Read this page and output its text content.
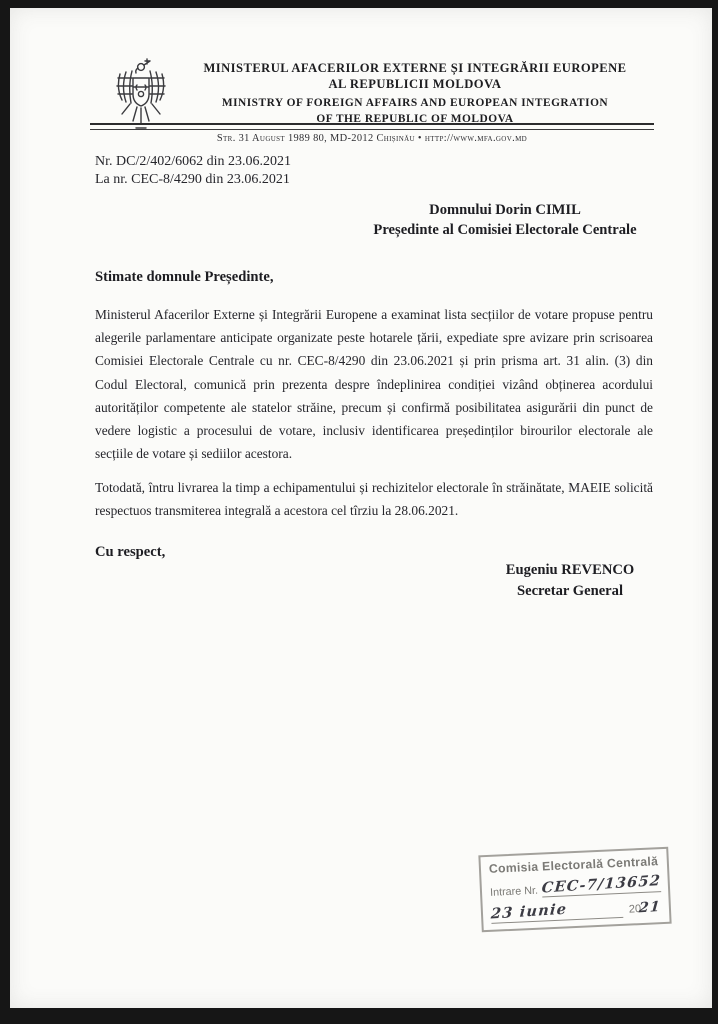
MINISTERUL AFACERILOR EXTERNE ȘI INTEGRĂRII EUROPENE
AL REPUBLICII MOLDOVA
MINISTRY OF FOREIGN AFFAIRS AND EUROPEAN INTEGRATION
OF THE REPUBLIC OF MOLDOVA
Str. 31 August 1989 80, MD-2012 Chișinău • http://www.mfa.gov.md
Nr. DC/2/402/6062 din 23.06.2021
La nr. CEC-8/4290 din 23.06.2021
Domnului Dorin CIMIL
Președinte al Comisiei Electorale Centrale
Stimate domnule Președinte,
Ministerul Afacerilor Externe și Integrării Europene a examinat lista secțiilor de votare propuse pentru alegerile parlamentare anticipate organizate peste hotarele țării, expediate spre avizare prin scrisoarea Comisiei Electorale Centrale cu nr. CEC-8/4290 din 23.06.2021 și prin prisma art. 31 alin. (3) din Codul Electoral, comunică prin prezenta despre îndeplinirea condiției vizând obținerea acordului autorităților competente ale statelor străine, precum și confirmă posibilitatea asigurării din punct de vedere logistic a procesului de votare, inclusiv identificarea președinților birourilor electorale ale secțiile de votare și sediilor acestora.
Totodată, întru livrarea la timp a echipamentului și rechizitelor electorale în străinătate, MAEIE solicită respectuos transmiterea integrală a acestora cel tîrziu la 28.06.2021.
Cu respect,
Eugeniu REVENCO
Secretar General
Comisia Electorală Centrală
Intrare Nr. CEC-7/13652
23 iunie	2021
